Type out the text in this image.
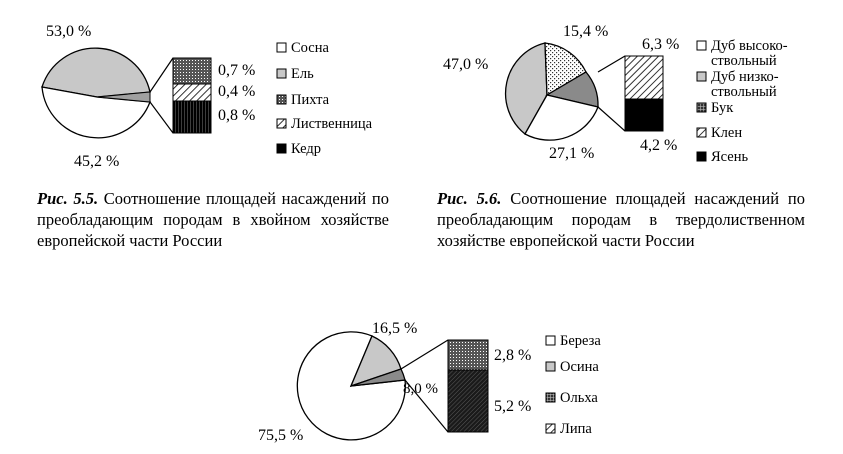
53,0 %
45,2 %
0,7 %
0,4 %
0,8 %
Сосна
Ель
Пихта
Лиственница
Кедр
47,0 %
15,4 %
27,1 %
6,3 %
4,2 %
Дуб высоко-ствольный
Дуб низко-ствольный
Бук
Клен
Ясень
16,5 %
8,0 %
75,5 %
2,8 %
5,2 %
Береза
Осина
Ольха
Липа

Рис. 5.5. Соотношение площадей насаждений по преобладающим породам в хвойном хозяйстве европейской части России

Рис. 5.6. Соотношение площадей насаждений по преобладающим породам в твердолиственном хозяйстве европейской части России
